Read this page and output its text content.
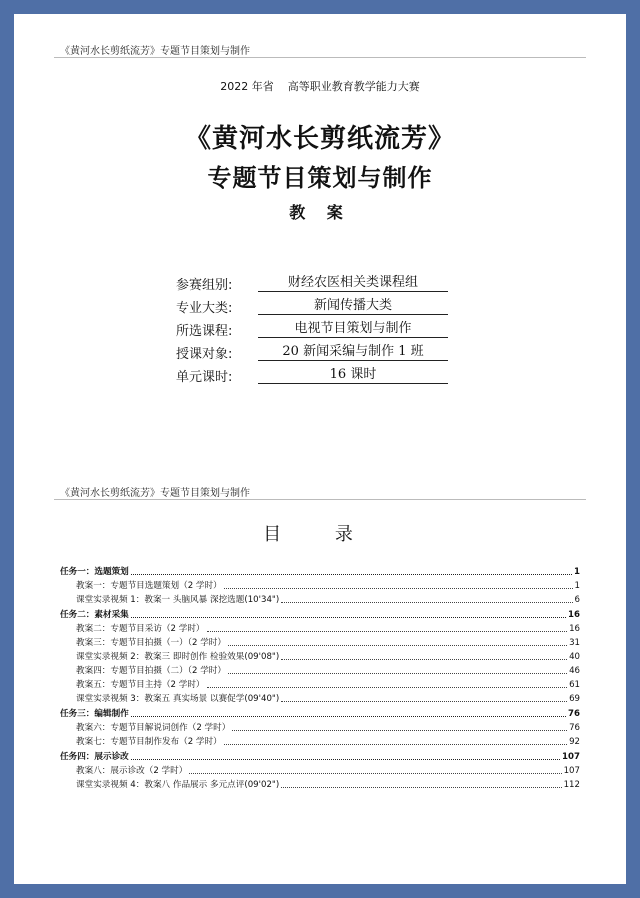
《黄河水长剪纸流芳》专题节目策划与制作
2022 年省    高等职业教育教学能力大赛
《黄河水长剪纸流芳》
专题节目策划与制作
教 案
参赛组别:	财经农医相关类课程组
专业大类:	新闻传播大类
所选课程:	电视节目策划与制作
授课对象:	20 新闻采编与制作 1 班
单元课时:	16 课时
《黄河水长剪纸流芳》专题节目策划与制作
目 录
任务一：选题策划	1
教案一：专题节目选题策划（2 学时）	1
课堂实录视频 1：教案一 头脑风暴 深挖选题(10'34")	6
任务二：素材采集	16
教案二：专题节目采访（2 学时）	16
教案三：专题节目拍摄（一）（2 学时）	31
课堂实录视频 2：教案三 即时创作 检验效果(09'08")	40
教案四：专题节目拍摄（二）（2 学时）	46
教案五：专题节目主持（2 学时）	61
课堂实录视频 3：教案五 真实场景 以赛促学(09'40")	69
任务三：编辑制作	76
教案六：专题节目解说词创作（2 学时）	76
教案七：专题节目制作发布（2 学时）	92
任务四：展示诊改	107
教案八：展示诊改（2 学时）	107
课堂实录视频 4：教案八 作品展示 多元点评(09'02")	112
